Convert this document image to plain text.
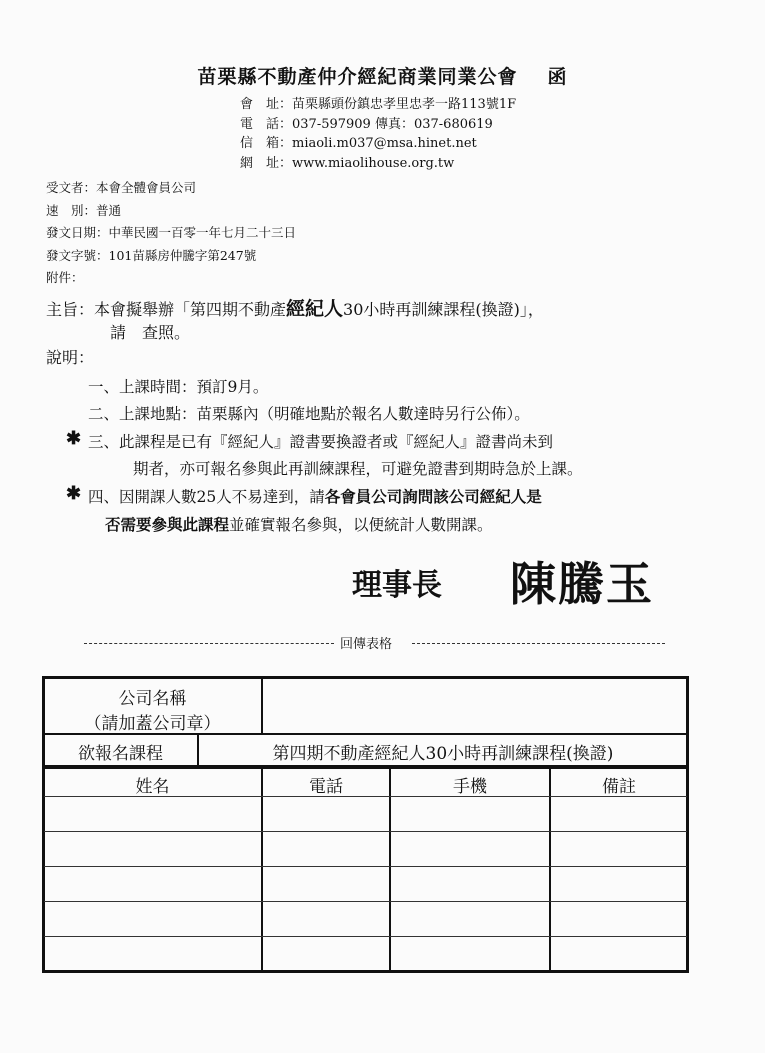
苗栗縣不動產仲介經紀商業同業公會 函
會　址：苗栗縣頭份鎮忠孝里忠孝一路113號1F
電　話：037-597909 傳真：037-680619
信　箱：miaoli.m037@msa.hinet.net
網　址：www.miaolihouse.org.tw
受文者：本會全體會員公司
速　別：普通
發文日期：中華民國一百零一年七月二十三日
發文字號：101苗縣房仲騰字第247號
附件：
主旨：本會擬舉辦「第四期不動產經紀人30小時再訓練課程(換證)」，
請　查照。
說明：
一、上課時間：預訂9月。
二、上課地點：苗栗縣內（明確地點於報名人數達時另行公佈）。
✱ 三、此課程是已有『經紀人』證書要換證者或『經紀人』證書尚未到
期者，亦可報名參與此再訓練課程，可避免證書到期時急於上課。
✱ 四、因開課人數25人不易達到，請各會員公司詢問該公司經紀人是
否需要參與此課程並確實報名參與，以便統計人數開課。
理事長 陳騰玉
回傳表格
公司名稱
（請加蓋公司章）
欲報名課程	第四期不動產經紀人30小時再訓練課程(換證)
姓名	電話	手機	備註
